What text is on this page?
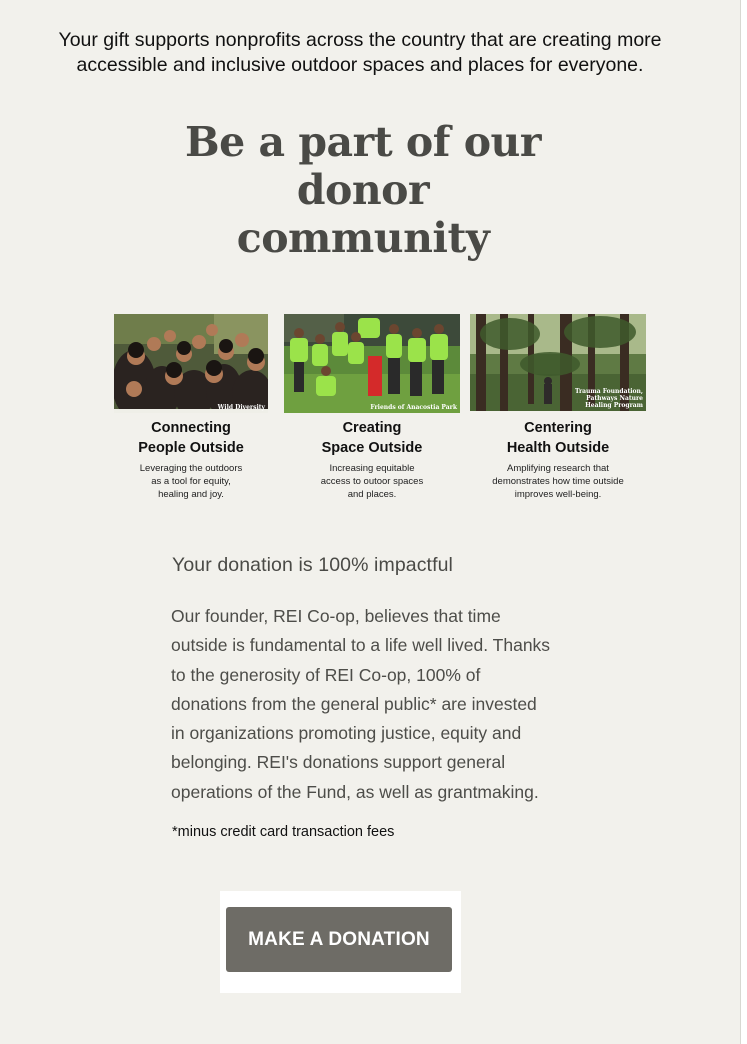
Your gift supports nonprofits across the country that are creating more accessible and inclusive outdoor spaces and places for everyone.
Be a part of our
donor
community
Wild Diversity
Connecting
People Outside
Leveraging the outdoors
as a tool for equity,
healing and joy.
Friends of Anacostia Park
Creating
Space Outside
Increasing equitable
access to outoor spaces
and places.
Trauma Foundation,
Pathways Nature
Healing Program
Centering
Health Outside
Amplifying research that
demonstrates how time outside
improves well-being.
Your donation is 100% impactful
Our founder, REI Co-op, believes that time
outside is fundamental to a life well lived. Thanks
to the generosity of REI Co-op, 100% of
donations from the general public* are invested
in organizations promoting justice, equity and
belonging. REI's donations support general
operations of the Fund, as well as grantmaking.
*minus credit card transaction fees
MAKE A DONATION
